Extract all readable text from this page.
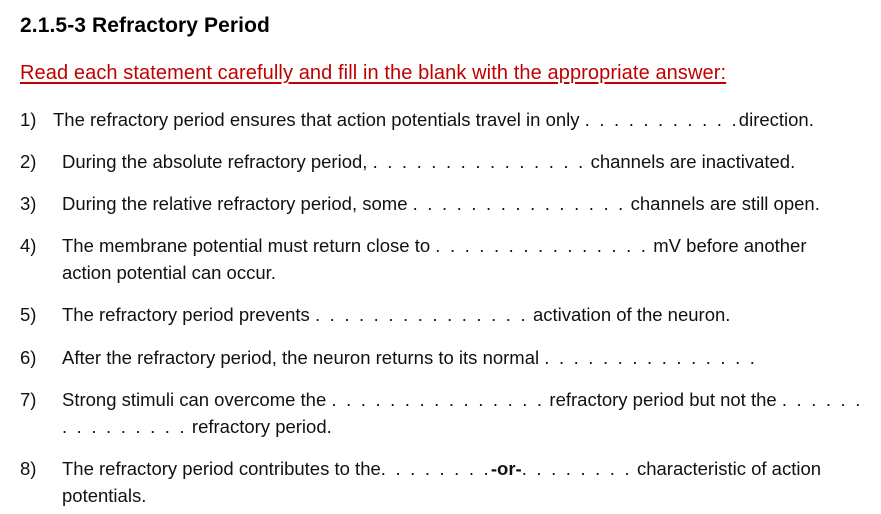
2.1.5-3 Refractory Period
Read each statement carefully and fill in the blank with the appropriate answer:
1) The refractory period ensures that action potentials travel in only . . . . . . . . . . .direction.
2) During the absolute refractory period, . . . . . . . . . . . . . . . channels are inactivated.
3) During the relative refractory period, some . . . . . . . . . . . . . . . channels are still open.
4) The membrane potential must return close to . . . . . . . . . . . . . . . mV before another
action potential can occur.
5) The refractory period prevents . . . . . . . . . . . . . . . activation of the neuron.
6) After the refractory period, the neuron returns to its normal . . . . . . . . . . . . . . .
7) Strong stimuli can overcome the . . . . . . . . . . . . . . . refractory period but not the . . . . . .
. . . . . . . . . refractory period.
8) The refractory period contributes to the. . . . . . . .-or-. . . . . . . . characteristic of action
potentials.
